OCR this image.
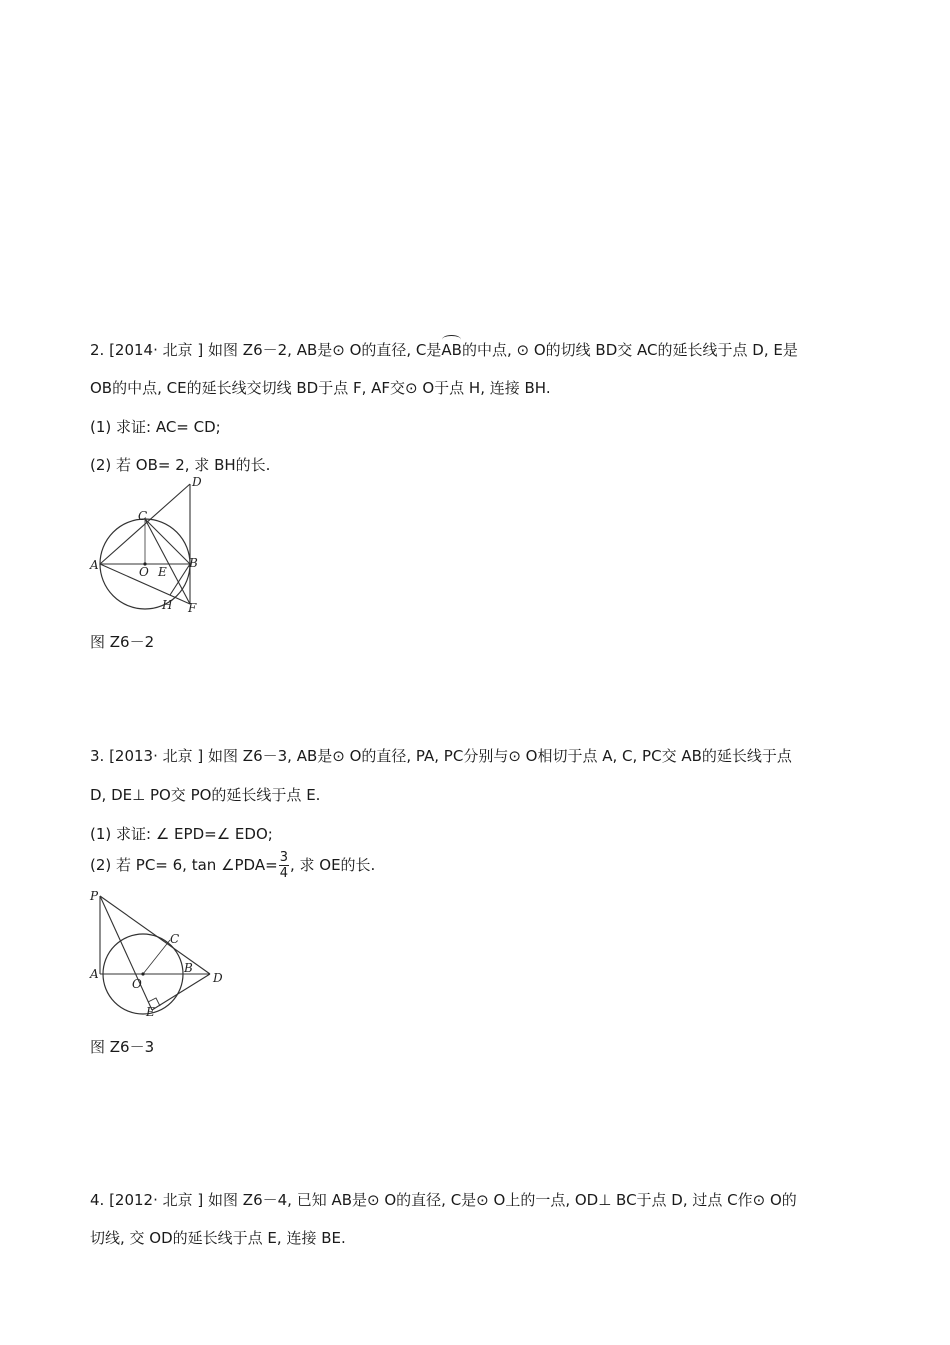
2. [2014· 北京 ] 如图 Z6－2, AB是⊙ O的直径, C是AB的中点, ⊙ O的切线 BD交 AC的延长线于点 D, E是
OB的中点, CE的延长线交切线 BD于点 F, AF交⊙ O于点 H, 连接 BH.
(1) 求证: AC= CD;
(2) 若 OB= 2, 求 BH的长.
D
C
A	O E
B
H F
图 Z6－2
3. [2013· 北京 ] 如图 Z6－3, AB是⊙ O的直径, PA, PC分别与⊙ O相切于点 A, C, PC交 AB的延长线于点
D, DE⊥ PO交 PO的延长线于点 E.
(1) 求证: ∠ EPD=∠ EDO;
(2) 若 PC= 6, tan ∠PDA= $\frac{3}{4}$ , 求 OE的长.
P
A
O
B
C
D
E
图 Z6－3
4. [2012· 北京 ] 如图 Z6－4, 已知 AB是⊙ O的直径, C是⊙ O上的一点, OD⊥ BC于点 D, 过点 C作⊙ O的
切线, 交 OD的延长线于点 E, 连接 BE.
